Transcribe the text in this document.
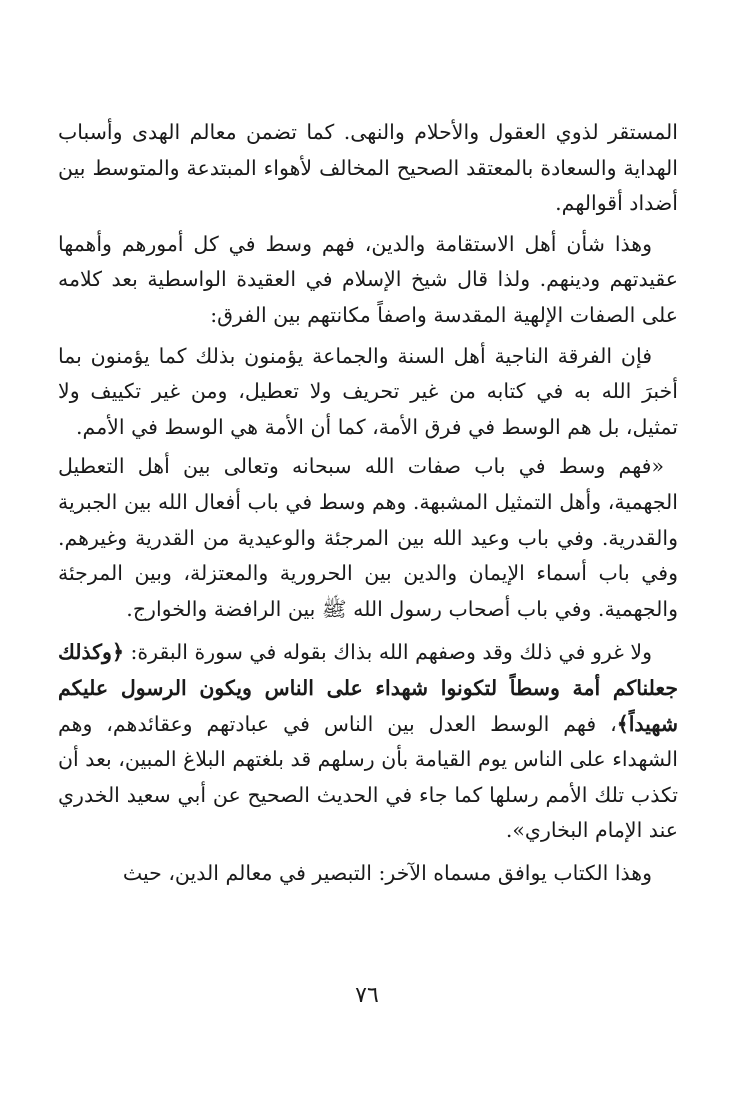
المستقر لذوي العقول والأحلام والنهى. كما تضمن معالم الهدى وأسباب الهداية والسعادة بالمعتقد الصحيح المخالف لأهواء المبتدعة والمتوسط بين أضداد أقوالهم.

وهذا شأن أهل الاستقامة والدين، فهم وسط في كل أمورهم وأهمها عقيدتهم ودينهم. ولذا قال شيخ الإسلام في العقيدة الواسطية بعد كلامه على الصفات الإلهية المقدسة واصفاً مكانتهم بين الفرق:

فإن الفرقة الناجية أهل السنة والجماعة يؤمنون بذلك كما يؤمنون بما أخبرَ الله به في كتابه من غير تحريف ولا تعطيل، ومن غير تكييف ولا تمثيل، بل هم الوسط في فرق الأمة، كما أن الأمة هي الوسط في الأمم.

«فهم وسط في باب صفات الله سبحانه وتعالى بين أهل التعطيل الجهمية، وأهل التمثيل المشبهة. وهم وسط في باب أفعال الله بين الجبرية والقدرية. وفي باب وعيد الله بين المرجئة والوعيدية من القدرية وغيرهم. وفي باب أسماء الإيمان والدين بين الحرورية والمعتزلة، وبين المرجئة والجهمية. وفي باب أصحاب رسول الله ﷺ بين الرافضة والخوارج.

ولا غرو في ذلك وقد وصفهم الله بذاك بقوله في سورة البقرة: ﴿وكذلك جعلناكم أمة وسطاً لتكونوا شهداء على الناس ويكون الرسول عليكم شهيداً﴾، فهم الوسط العدل بين الناس في عبادتهم وعقائدهم، وهم الشهداء على الناس يوم القيامة بأن رسلهم قد بلغتهم البلاغ المبين، بعد أن تكذب تلك الأمم رسلها كما جاء في الحديث الصحيح عن أبي سعيد الخدري عند الإمام البخاري».

وهذا الكتاب يوافق مسماه الآخر: التبصير في معالم الدين، حيث

٧٦
